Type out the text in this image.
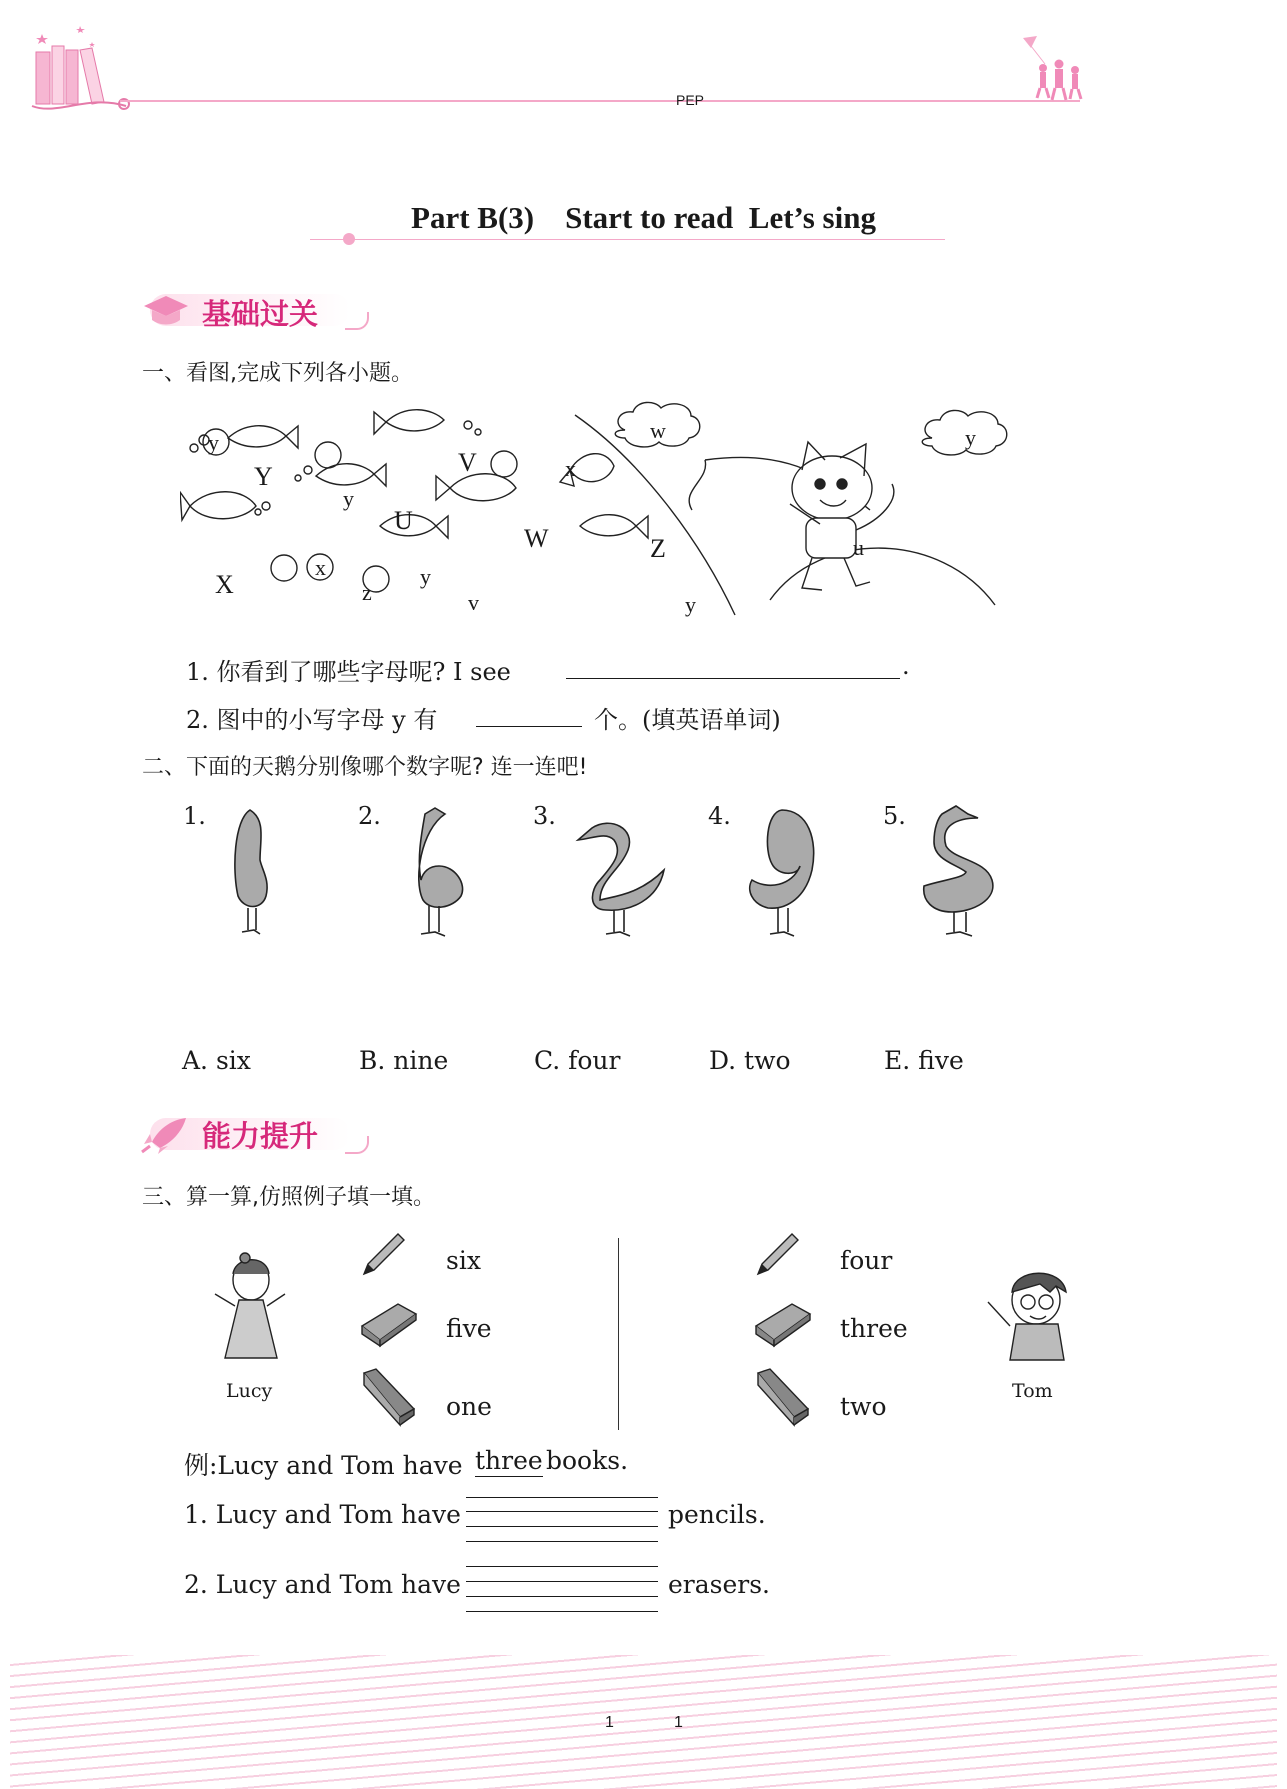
PEP
Part B(3) Start to read Let’s sing
基础过关
一、看图,完成下列各小题。
y
Y
y
V	x
U
W
x
X	z
y
v
w	y
Z	u
y
1. 你看到了哪些字母呢? I see	.
2. 图中的小写字母 y 有	个。(填英语单词)
二、下面的天鹅分别像哪个数字呢? 连一连吧!
1.	2.	3.	4.	5.
A. six	B. nine	C. four	D. two	E. five
能力提升
三、算一算,仿照例子填一填。
Lucy
six
five
one
four
three
two
Tom
例:Lucy and Tom have three books.
1. Lucy and Tom have	pencils.
2. Lucy and Tom have	erasers.
1	1
